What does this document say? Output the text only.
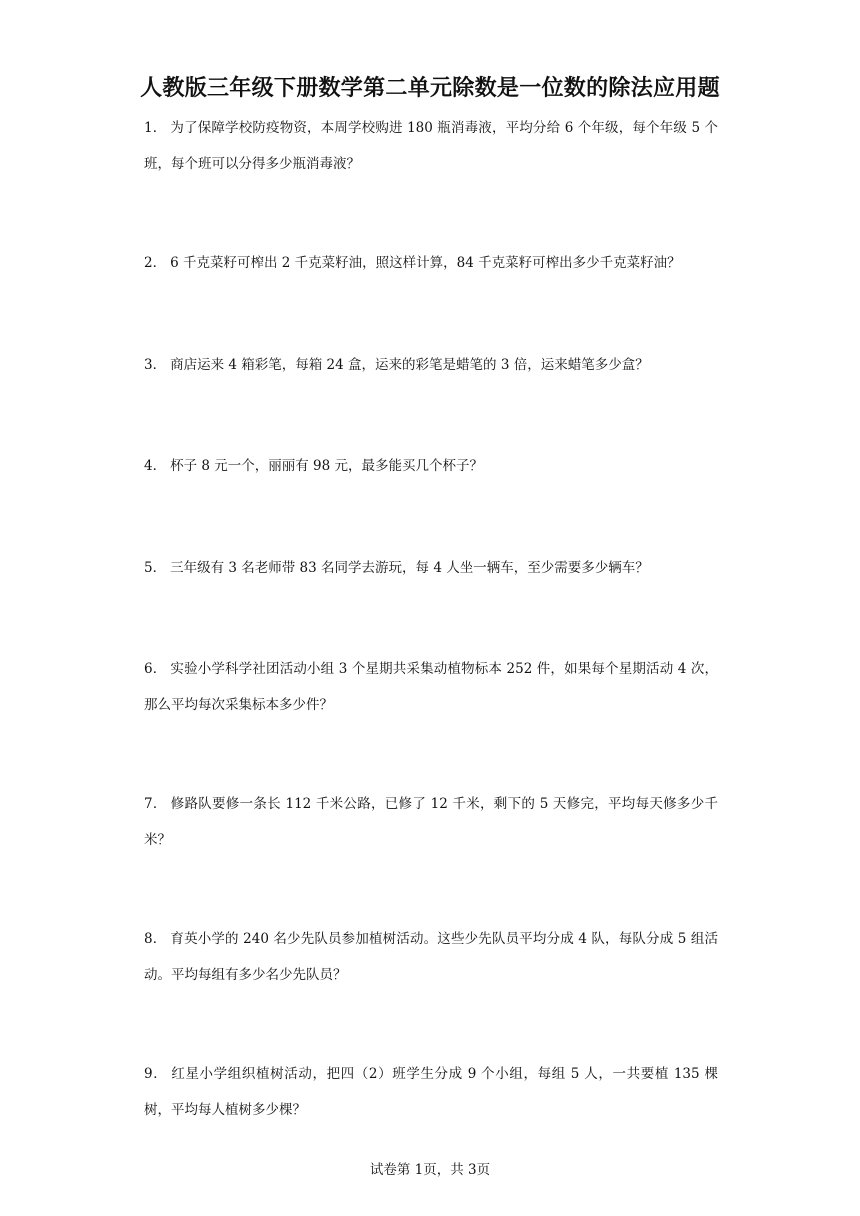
人教版三年级下册数学第二单元除数是一位数的除法应用题
1． 为了保障学校防疫物资，本周学校购进 180 瓶消毒液，平均分给 6 个年级，每个年级 5 个班，每个班可以分得多少瓶消毒液？
2． 6 千克菜籽可榨出 2 千克菜籽油，照这样计算，84 千克菜籽可榨出多少千克菜籽油？
3． 商店运来 4 箱彩笔，每箱 24 盒，运来的彩笔是蜡笔的 3 倍，运来蜡笔多少盒？
4． 杯子 8 元一个，丽丽有 98 元，最多能买几个杯子？
5． 三年级有 3 名老师带 83 名同学去游玩，每 4 人坐一辆车，至少需要多少辆车？
6． 实验小学科学社团活动小组 3 个星期共采集动植物标本 252 件，如果每个星期活动 4 次，那么平均每次采集标本多少件？
7． 修路队要修一条长 112 千米公路，已修了 12 千米，剩下的 5 天修完，平均每天修多少千米？
8． 育英小学的 240 名少先队员参加植树活动。这些少先队员平均分成 4 队，每队分成 5 组活动。平均每组有多少名少先队员？
9． 红星小学组织植树活动，把四（2）班学生分成 9 个小组，每组 5 人，一共要植 135 棵树，平均每人植树多少棵？
试卷第 1页，共 3页
